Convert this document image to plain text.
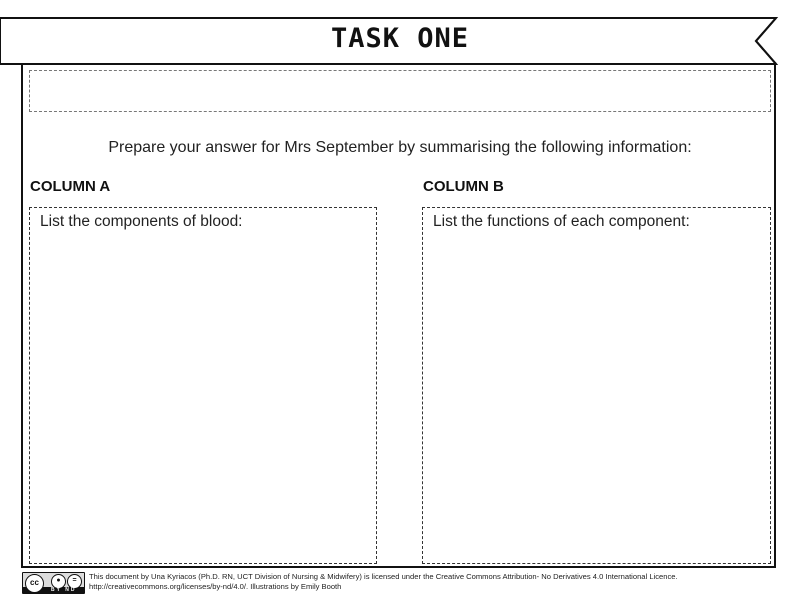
TASK ONE
Prepare your answer for Mrs September by summarising the following information:
COLUMN A	COLUMN B
List the components of blood:	List the functions of each component:
cc	●	=
BY ND
This document by Una Kyriacos (Ph.D. RN, UCT Division of Nursing & Midwifery) is licensed under the Creative Commons Attribution- No Derivatives 4.0 International Licence.
http://creativecommons.org/licenses/by-nd/4.0/. Illustrations by Emily Booth
